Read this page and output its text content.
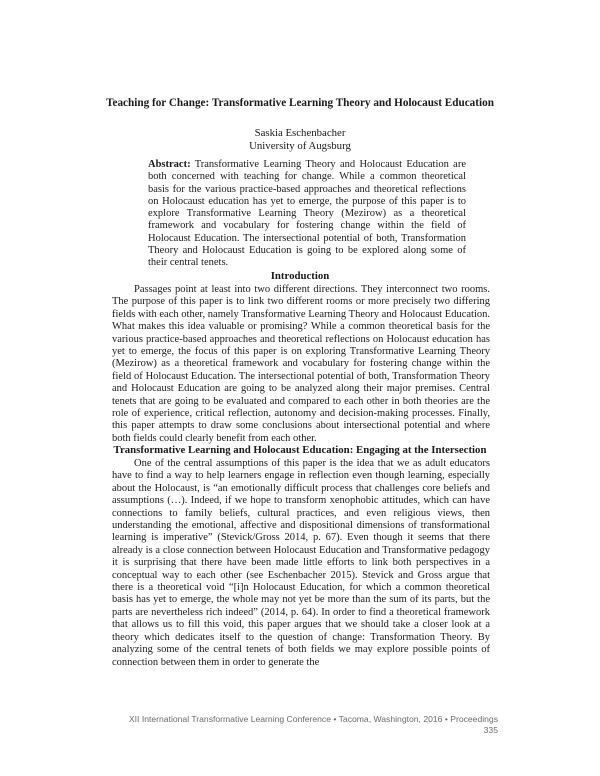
Teaching for Change: Transformative Learning Theory and Holocaust Education
Saskia Eschenbacher
University of Augsburg
Abstract: Transformative Learning Theory and Holocaust Education are both concerned with teaching for change. While a common theoretical basis for the various practice-based approaches and theoretical reflections on Holocaust education has yet to emerge, the purpose of this paper is to explore Transformative Learning Theory (Mezirow) as a theoretical framework and vocabulary for fostering change within the field of Holocaust Education. The intersectional potential of both, Transformation Theory and Holocaust Education is going to be explored along some of their central tenets.
Introduction
Passages point at least into two different directions. They interconnect two rooms. The purpose of this paper is to link two different rooms or more precisely two differing fields with each other, namely Transformative Learning Theory and Holocaust Education. What makes this idea valuable or promising? While a common theoretical basis for the various practice-based approaches and theoretical reflections on Holocaust education has yet to emerge, the focus of this paper is on exploring Transformative Learning Theory (Mezirow) as a theoretical framework and vocabulary for fostering change within the field of Holocaust Education. The intersectional potential of both, Transformation Theory and Holocaust Education are going to be analyzed along their major premises. Central tenets that are going to be evaluated and compared to each other in both theories are the role of experience, critical reflection, autonomy and decision-making processes. Finally, this paper attempts to draw some conclusions about intersectional potential and where both fields could clearly benefit from each other.
Transformative Learning and Holocaust Education: Engaging at the Intersection
One of the central assumptions of this paper is the idea that we as adult educators have to find a way to help learners engage in reflection even though learning, especially about the Holocaust, is “an emotionally difficult process that challenges core beliefs and assumptions (…). Indeed, if we hope to transform xenophobic attitudes, which can have connections to family beliefs, cultural practices, and even religious views, then understanding the emotional, affective and dispositional dimensions of transformational learning is imperative” (Stevick/Gross 2014, p. 67). Even though it seems that there already is a close connection between Holocaust Education and Transformative pedagogy it is surprising that there have been made little efforts to link both perspectives in a conceptual way to each other (see Eschenbacher 2015). Stevick and Gross argue that there is a theoretical void “[i]n Holocaust Education, for which a common theoretical basis has yet to emerge, the whole may not yet be more than the sum of its parts, but the parts are nevertheless rich indeed” (2014, p. 64). In order to find a theoretical framework that allows us to fill this void, this paper argues that we should take a closer look at a theory which dedicates itself to the question of change: Transformation Theory. By analyzing some of the central tenets of both fields we may explore possible points of connection between them in order to generate the
XII International Transformative Learning Conference • Tacoma, Washington, 2016 • Proceedings
335
